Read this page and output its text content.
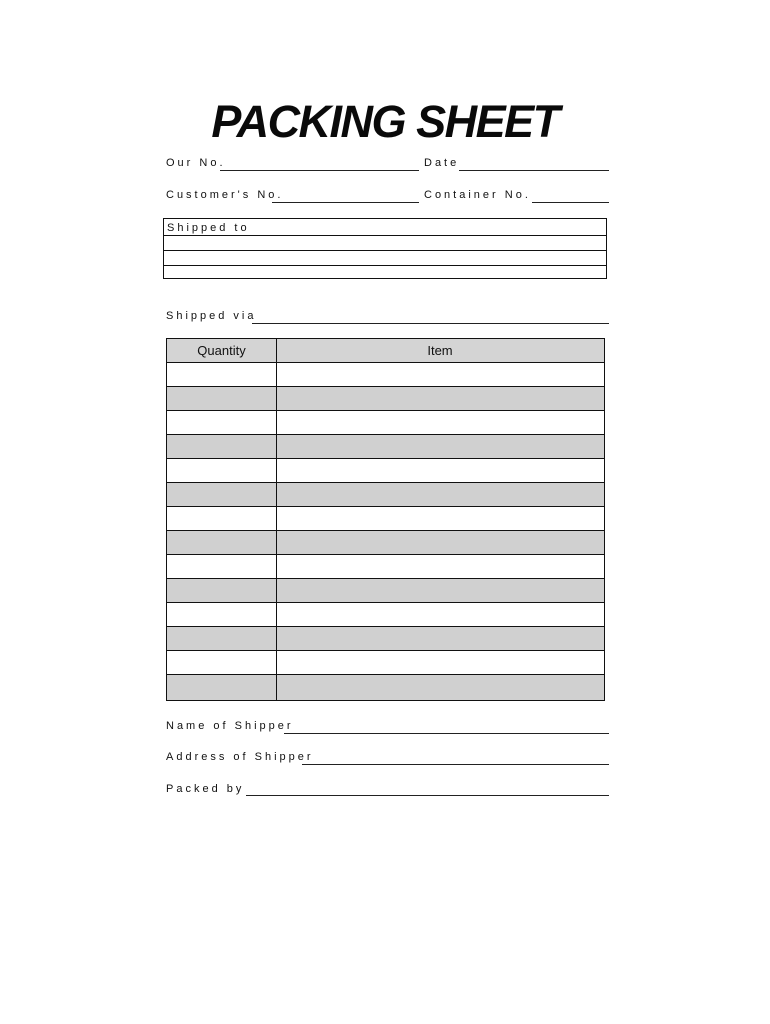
PACKING SHEET
Our No.	Date
Customer's No.	Container No.
Shipped to
Shipped via
Quantity	Item
Name of Shipper
Address of Shipper
Packed by
